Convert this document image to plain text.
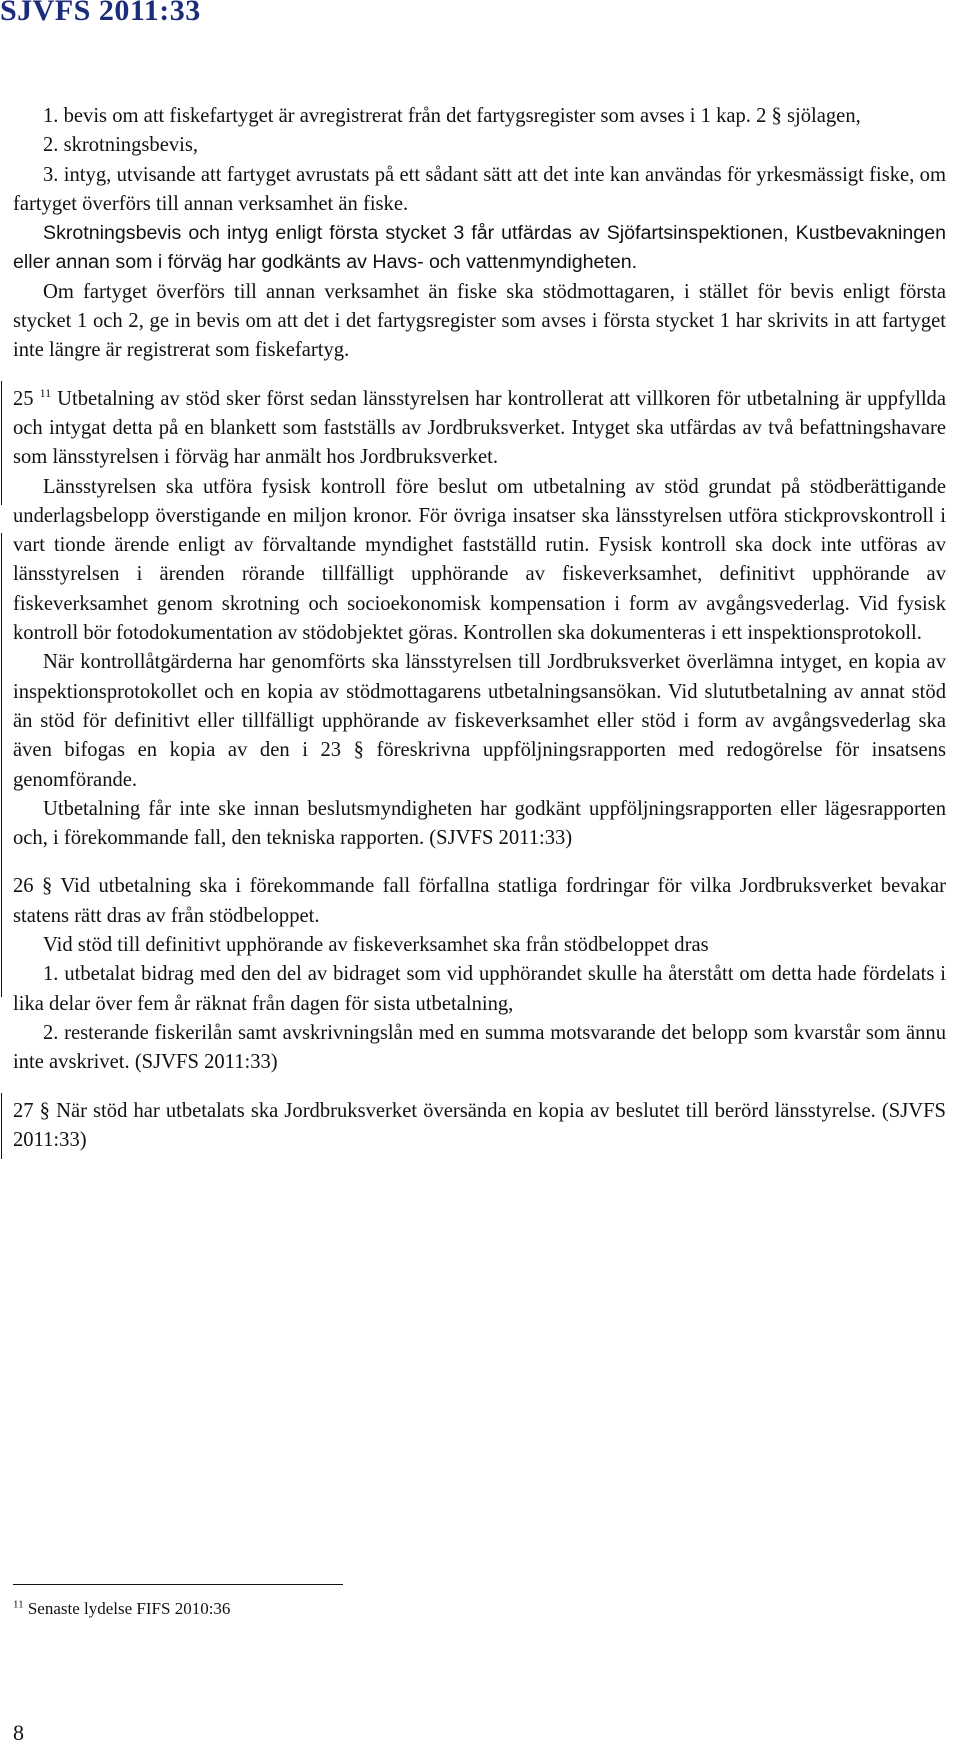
SJVFS 2011:33

1. bevis om att fiskefartyget är avregistrerat från det fartygsregister som avses i 1 kap. 2 § sjölagen,

2. skrotningsbevis,

3. intyg, utvisande att fartyget avrustats på ett sådant sätt att det inte kan användas för yrkesmässigt fiske, om fartyget överförs till annan verksamhet än fiske.

Skrotningsbevis och intyg enligt första stycket 3 får utfärdas av Sjöfartsinspektionen, Kustbevakningen eller annan som i förväg har godkänts av Havs- och vattenmyndigheten.

Om fartyget överförs till annan verksamhet än fiske ska stödmottagaren, i stället för bevis enligt första stycket 1 och 2, ge in bevis om att det i det fartygsregister som avses i första stycket 1 har skrivits in att fartyget inte längre är registrerat som fiskefartyg.

25 $^{11}$ Utbetalning av stöd sker först sedan länsstyrelsen har kontrollerat att villkoren för utbetalning är uppfyllda och intygat detta på en blankett som fastställs av Jordbruksverket. Intyget ska utfärdas av två befattningshavare som länsstyrelsen i förväg har anmält hos Jordbruksverket.

Länsstyrelsen ska utföra fysisk kontroll före beslut om utbetalning av stöd grundat på stödberättigande underlagsbelopp överstigande en miljon kronor. För övriga insatser ska länsstyrelsen utföra stickprovskontroll i vart tionde ärende enligt av förvaltande myndighet fastställd rutin. Fysisk kontroll ska dock inte utföras av länsstyrelsen i ärenden rörande tillfälligt upphörande av fiskeverksamhet, definitivt upphörande av fiskeverksamhet genom skrotning och socioekonomisk kompensation i form av avgångsvederlag. Vid fysisk kontroll bör fotodokumentation av stödobjektet göras. Kontrollen ska dokumenteras i ett inspektionsprotokoll.

När kontrollåtgärderna har genomförts ska länsstyrelsen till Jordbruksverket överlämna intyget, en kopia av inspektionsprotokollet och en kopia av stödmottagarens utbetalningsansökan. Vid slututbetalning av annat stöd än stöd för definitivt eller tillfälligt upphörande av fiskeverksamhet eller stöd i form av avgångsvederlag ska även bifogas en kopia av den i 23 § föreskrivna uppföljningsrapporten med redogörelse för insatsens genomförande.

Utbetalning får inte ske innan beslutsmyndigheten har godkänt uppföljningsrapporten eller lägesrapporten och, i förekommande fall, den tekniska rapporten. (SJVFS 2011:33)

26 § Vid utbetalning ska i förekommande fall förfallna statliga fordringar för vilka Jordbruksverket bevakar statens rätt dras av från stödbeloppet.

Vid stöd till definitivt upphörande av fiskeverksamhet ska från stödbeloppet dras

1. utbetalat bidrag med den del av bidraget som vid upphörandet skulle ha återstått om detta hade fördelats i lika delar över fem år räknat från dagen för sista utbetalning,

2. resterande fiskerilån samt avskrivningslån med en summa motsvarande det belopp som kvarstår som ännu inte avskrivet. (SJVFS 2011:33)

27 § När stöd har utbetalats ska Jordbruksverket översända en kopia av beslutet till berörd länsstyrelse. (SJVFS 2011:33)

$^{11}$ Senaste lydelse FIFS 2010:36
8
